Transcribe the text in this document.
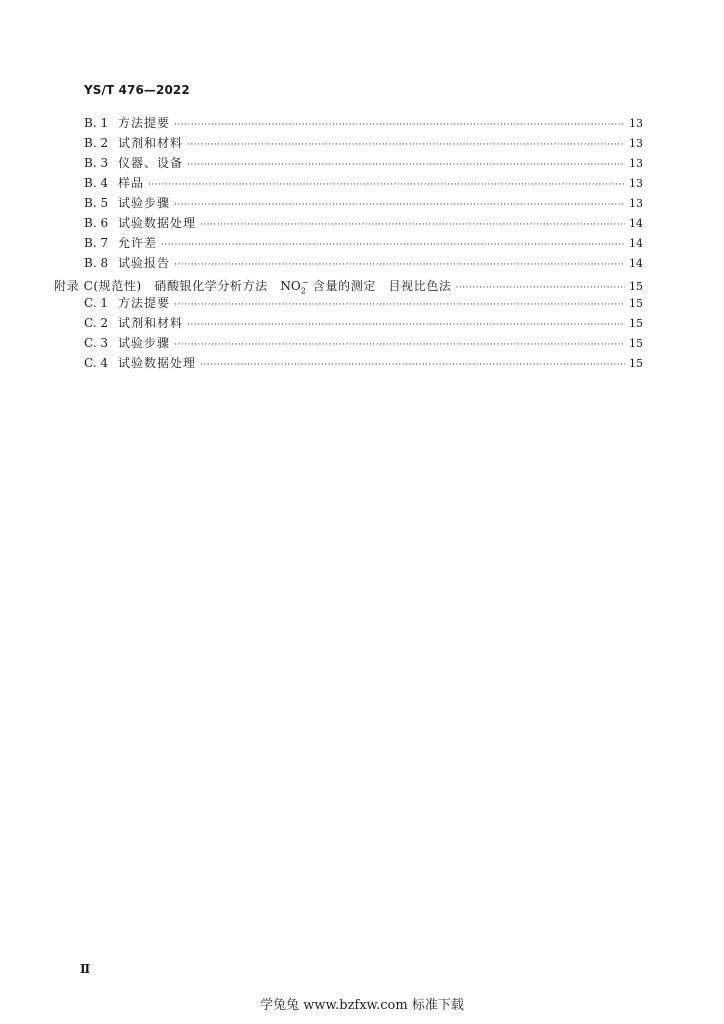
YS/T 476—2022
B. 1 方法提要 ·····	13
B. 2 试剂和材料 ·····	13
B. 3 仪器、设备 ·····	13
B. 4 样品 ·····	13
B. 5 试验步骤 ·····	13
B. 6 试验数据处理 ·····	14
B. 7 允许差 ·····	14
B. 8 试验报告 ·····	14
附录 C(规范性)　硝酸银化学分析方法　$NO_2^-$ 含量的测定　目视比色法 ·····	15
C. 1 方法提要 ·····	15
C. 2 试剂和材料 ·····	15
C. 3 试验步骤 ·····	15
C. 4 试验数据处理 ·····	15
Ⅱ
学兔兔 www.bzfxw.com 标准下载
